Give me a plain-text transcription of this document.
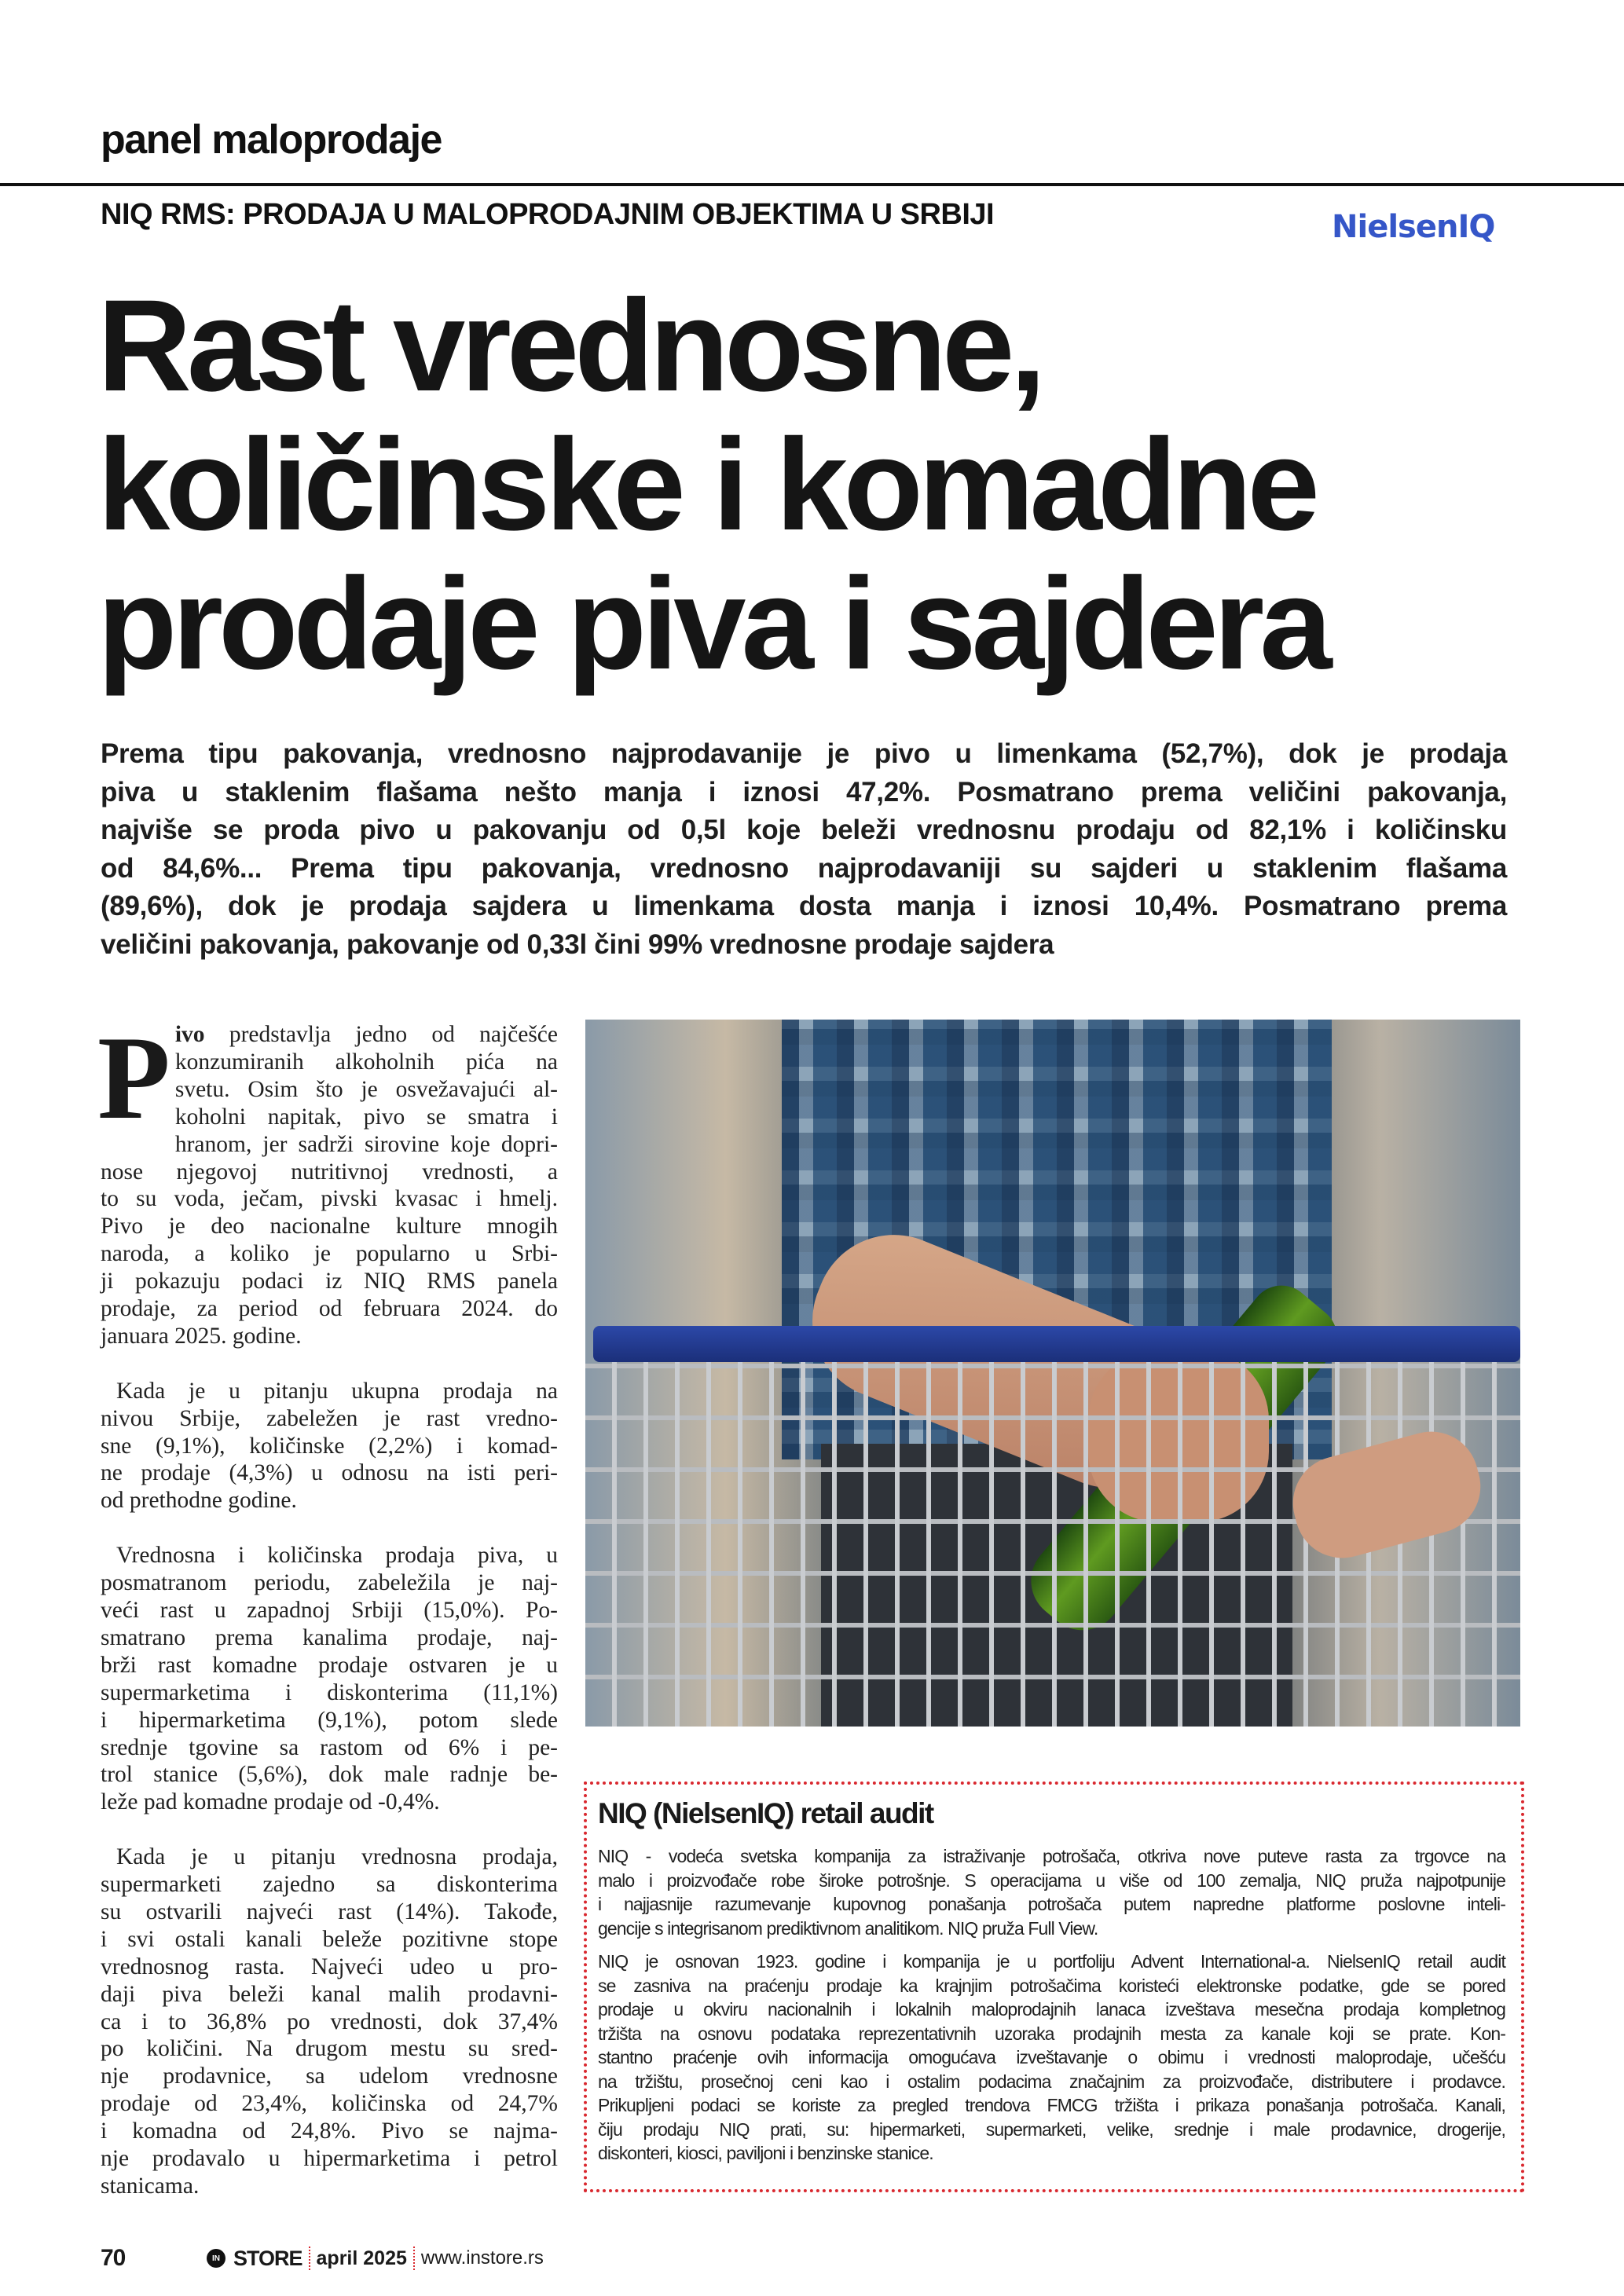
panel maloprodaje
NIQ RMS: PRODAJA U MALOPRODAJNIM OBJEKTIMA U SRBIJI	NielsenIQ
Rast vrednosne,
količinske i komadne
prodaje piva i sajdera
Prema tipu pakovanja, vrednosno najprodavanije je pivo u limenkama (52,7%), dok je prodaja
piva u staklenim flašama nešto manja i iznosi 47,2%. Posmatrano prema veličini pakovanja,
najviše se proda pivo u pakovanju od 0,5l koje beleži vrednosnu prodaju od 82,1% i količinsku
od 84,6%... Prema tipu pakovanja, vrednosno najprodavaniji su sajderi u staklenim flašama
(89,6%), dok je prodaja sajdera u limenkama dosta manja i iznosi 10,4%. Posmatrano prema
veličini pakovanja, pakovanje od 0,33l čini 99% vrednosne prodaje sajdera
P ivo predstavlja jedno od najčešće
konzumiranih alkoholnih pića na
svetu. Osim što je osvežavajući al-
koholni napitak, pivo se smatra i
hranom, jer sadrži sirovine koje dopri-
nose njegovoj nutritivnoj vrednosti, a
to su voda, ječam, pivski kvasac i hmelj.
Pivo je deo nacionalne kulture mnogih
naroda, a koliko je popularno u Srbi-
ji pokazuju podaci iz NIQ RMS panela
prodaje, za period od februara 2024. do
januara 2025. godine.
Kada je u pitanju ukupna prodaja na
nivou Srbije, zabeležen je rast vredno-
sne (9,1%), količinske (2,2%) i komad-
ne prodaje (4,3%) u odnosu na isti peri-
od prethodne godine.
Vrednosna i količinska prodaja piva, u
posmatranom periodu, zabeležila je naj-
veći rast u zapadnoj Srbiji (15,0%). Po-
smatrano prema kanalima prodaje, naj-
brži rast komadne prodaje ostvaren je u
supermarketima i diskonterima (11,1%)
i hipermarketima (9,1%), potom slede
srednje tgovine sa rastom od 6% i pe-
trol stanice (5,6%), dok male radnje be-
leže pad komadne prodaje od -0,4%.
Kada je u pitanju vrednosna prodaja,
supermarketi zajedno sa diskonterima
su ostvarili najveći rast (14%). Takođe,
i svi ostali kanali beleže pozitivne stope
vrednosnog rasta. Najveći udeo u pro-
daji piva beleži kanal malih prodavni-
ca i to 36,8% po vrednosti, dok 37,4%
po količini. Na drugom mestu su sred-
nje prodavnice, sa udelom vrednosne
prodaje od 23,4%, količinska od 24,7%
i komadna od 24,8%. Pivo se najma-
nje prodavalo u hipermarketima i petrol
stanicama.
NIQ (NielsenIQ) retail audit
NIQ - vodeća svetska kompanija za istraživanje potrošača, otkriva nove puteve rasta za trgovce na
malo i proizvođače robe široke potrošnje. S operacijama u više od 100 zemalja, NIQ pruža najpotpunije
i najjasnije razumevanje kupovnog ponašanja potrošača putem napredne platforme poslovne inteli-
gencije s integrisanom prediktivnom analitikom. NIQ pruža Full View.
NIQ je osnovan 1923. godine i kompanija je u portfoliju Advent International-a. NielsenIQ retail audit
se zasniva na praćenju prodaje ka krajnjim potrošačima koristeći elektronske podatke, gde se pored
prodaje u okviru nacionalnih i lokalnih maloprodajnih lanaca izveštava mesečna prodaja kompletnog
tržišta na osnovu podataka reprezentativnih uzoraka prodajnih mesta za kanale koji se prate. Kon-
stantno praćenje ovih informacija omogućava izveštavanje o obimu i vrednosti maloprodaje, učešću
na tržištu, prosečnoj ceni kao i ostalim podacima značajnim za proizvođače, distributere i prodavce.
Prikupljeni podaci se koriste za pregled trendova FMCG tržišta i prikaza ponašanja potrošača. Kanali,
čiju prodaju NIQ prati, su: hipermarketi, supermarketi, velike, srednje i male prodavnice, drogerije,
diskonteri, kiosci, paviljoni i benzinske stanice.
70	IN STORE april 2025 www.instore.rs
